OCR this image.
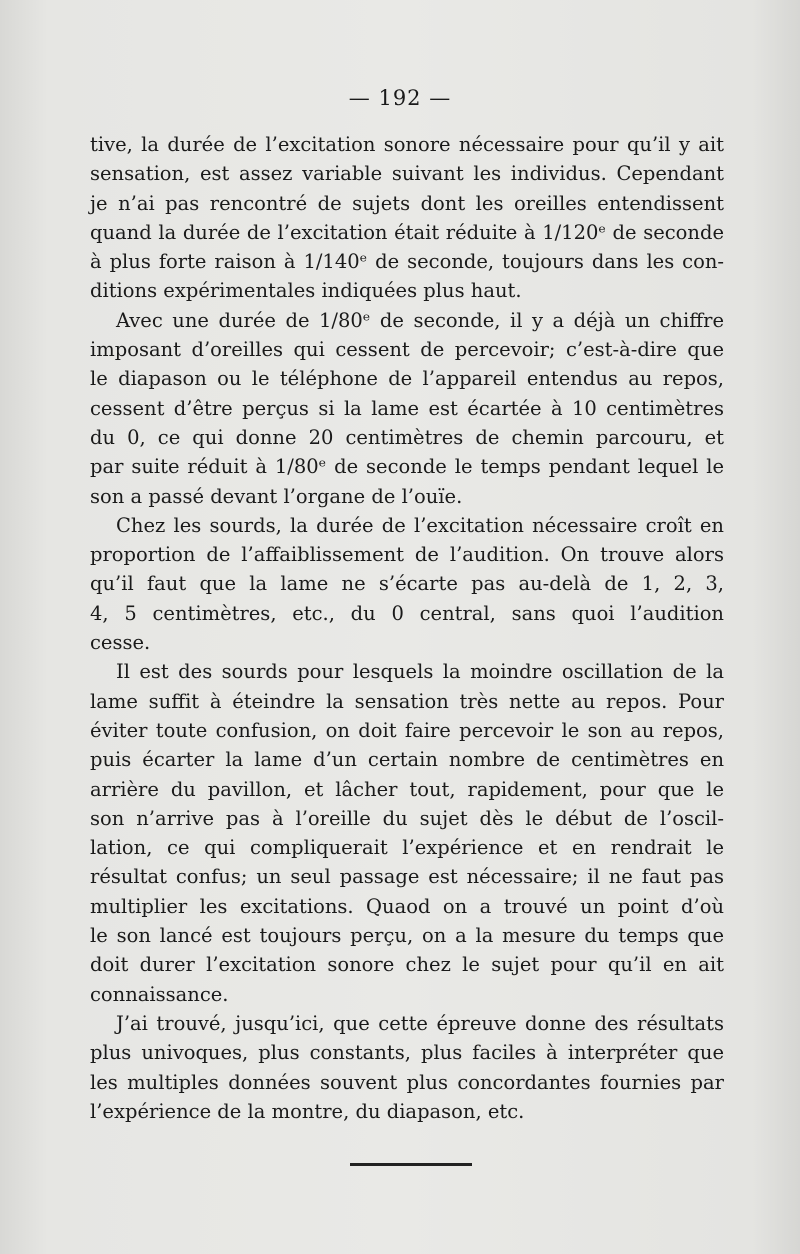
— 192 —

tive, la durée de l’excitation sonore nécessaire pour qu’il y ait
sensation, est assez variable suivant les individus. Cependant
je n’ai pas rencontré de sujets dont les oreilles entendissent
quand la durée de l’excitation était réduite à 1/120ᵉ de seconde
à plus forte raison à 1/140ᵉ de seconde, toujours dans les con-
ditions expérimentales indiquées plus haut.

Avec une durée de 1/80ᵉ de seconde, il y a déjà un chiffre
imposant d’oreilles qui cessent de percevoir; c’est-à-dire que
le diapason ou le téléphone de l’appareil entendus au repos,
cessent d’être perçus si la lame est écartée à 10 centimètres
du 0, ce qui donne 20 centimètres de chemin parcouru, et
par suite réduit à 1/80ᵉ de seconde le temps pendant lequel le
son a passé devant l’organe de l’ouïe.

Chez les sourds, la durée de l’excitation nécessaire croît en
proportion de l’affaiblissement de l’audition. On trouve alors
qu’il faut que la lame ne s’écarte pas au-delà de 1, 2, 3,
4, 5 centimètres, etc., du 0 central, sans quoi l’audition
cesse.

Il est des sourds pour lesquels la moindre oscillation de la
lame suffit à éteindre la sensation très nette au repos. Pour
éviter toute confusion, on doit faire percevoir le son au repos,
puis écarter la lame d’un certain nombre de centimètres en
arrière du pavillon, et lâcher tout, rapidement, pour que le
son n’arrive pas à l’oreille du sujet dès le début de l’oscil-
lation, ce qui compliquerait l’expérience et en rendrait le
résultat confus; un seul passage est nécessaire; il ne faut pas
multiplier les excitations. Quaod on a trouvé un point d’où
le son lancé est toujours perçu, on a la mesure du temps que
doit durer l’excitation sonore chez le sujet pour qu’il en ait
connaissance.

J’ai trouvé, jusqu’ici, que cette épreuve donne des résultats
plus univoques, plus constants, plus faciles à interpréter que
les multiples données souvent plus concordantes fournies par
l’expérience de la montre, du diapason, etc.
